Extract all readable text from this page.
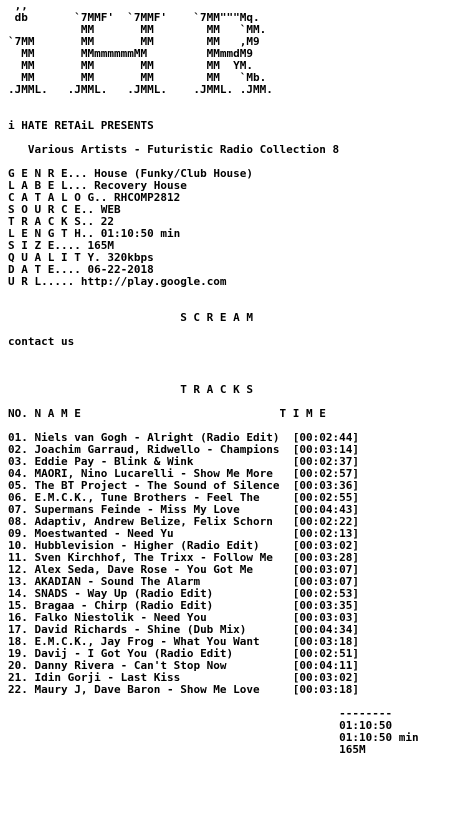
,,
db       `7MMF'  `7MMF'    `7MM"""Mq.
MM       MM        MM   `MM.
`7MM       MM       MM        MM   ,M9
MM       MMmmmmmmMM         MMmmdM9
MM       MM       MM        MM  YM.
MM       MM       MM        MM   `Mb.
.JMML.   .JMML.   .JMML.    .JMML. .JMM.

i HATE RETAiL PRESENTS

Various Artists - Futuristic Radio Collection 8

G E N R E... House (Funky/Club House)
L A B E L... Recovery House
C A T A L O G.. RHCOMP2812
S O U R C E.. WEB
T R A C K S.. 22
L E N G T H.. 01:10:50 min
S I Z E.... 165M
Q U A L I T Y. 320kbps
D A T E.... 06-22-2018
U R L..... http://play.google.com

S C R E A M

contact us

T R A C K S

NO. N A M E	T I M E

01. Niels van Gogh - Alright (Radio Edit) [00:02:44]
02. Joachim Garraud, Ridwello - Champions [00:03:14]
03. Eddie Pay - Blink & Wink	[00:02:37]
04. MAORI, Nino Lucarelli - Show Me More [00:02:57]
05. The BT Project - The Sound of Silence [00:03:36]
06. E.M.C.K., Tune Brothers - Feel The	[00:02:55]
07. Supermans Feinde - Miss My Love	[00:04:43]
08. Adaptiv, Andrew Belize, Felix Schorn [00:02:22]
09. Moestwanted - Need Yu	[00:02:13]
10. Hubblevision - Higher (Radio Edit)	[00:03:02]
11. Sven Kirchhof, The Trixx - Follow Me [00:03:28]
12. Alex Seda, Dave Rose - You Got Me	[00:03:07]
13. AKADIAN - Sound The Alarm	[00:03:07]
14. SNADS - Way Up (Radio Edit)	[00:02:53]
15. Bragaa - Chirp (Radio Edit)	[00:03:35]
16. Falko Niestolik - Need You	[00:03:03]
17. David Richards - Shine (Dub Mix)	[00:04:34]
18. E.M.C.K., Jay Frog - What You Want	[00:03:18]
19. Davij - I Got You (Radio Edit)	[00:02:51]
20. Danny Rivera - Can't Stop Now	[00:04:11]
21. Idin Gorji - Last Kiss	[00:03:02]
22. Maury J, Dave Baron - Show Me Love	[00:03:18]

--------
01:10:50
01:10:50 min
165M
